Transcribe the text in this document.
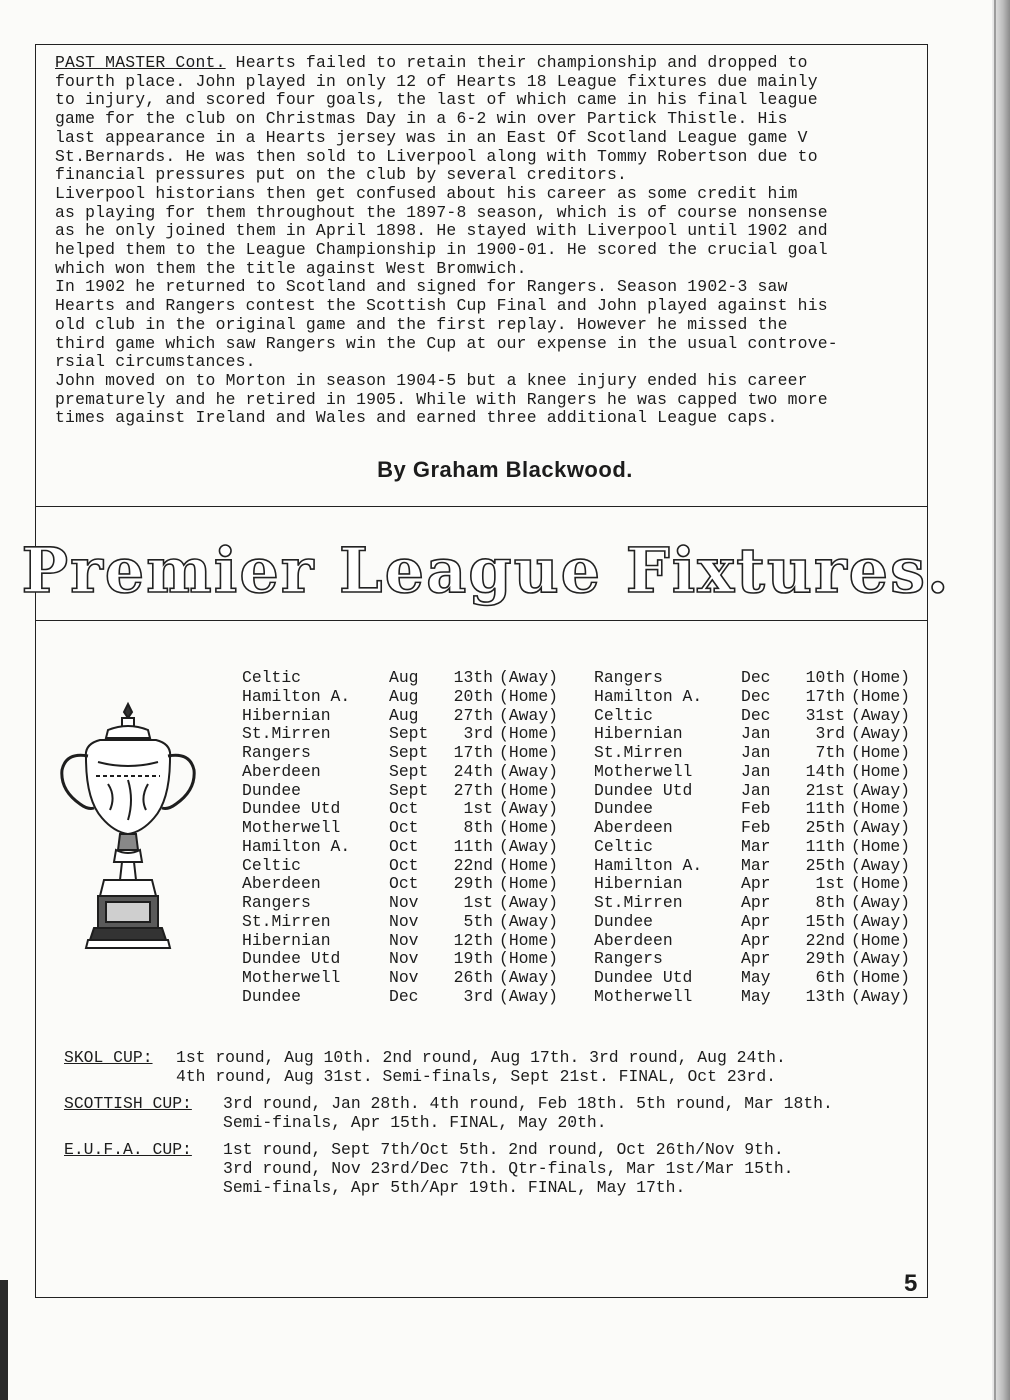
PAST MASTER Cont. Hearts failed to retain their championship and dropped to
fourth place. John played in only 12 of Hearts 18 League fixtures due mainly
to injury, and scored four goals, the last of which came in his final league
game for the club on Christmas Day in a 6-2 win over Partick Thistle. His
last appearance in a Hearts jersey was in an East Of Scotland League game V
St.Bernards. He was then sold to Liverpool along with Tommy Robertson due to
financial pressures put on the club by several creditors.

Liverpool historians then get confused about his career as some credit him
as playing for them throughout the 1897-8 season, which is of course nonsense
as he only joined them in April 1898. He stayed with Liverpool until 1902 and
helped them to the League Championship in 1900-01. He scored the crucial goal
which won them the title against West Bromwich.

In 1902 he returned to Scotland and signed for Rangers. Season 1902-3 saw
Hearts and Rangers contest the Scottish Cup Final and John played against his
old club in the original game and the first replay. However he missed the
third game which saw Rangers win the Cup at our expense in the usual controve-
rsial circumstances.

John moved on to Morton in season 1904-5 but a knee injury ended his career
prematurely and he retired in 1905. While with Rangers he was capped two more
times against Ireland and Wales and earned three additional League caps.

By Graham Blackwood.
Premier League Fixtures.
Celtic	Aug	13th (Away)
Hamilton A.	Aug	20th (Home)
Hibernian	Aug	27th (Away)
St.Mirren	Sept	3rd (Home)
Rangers	Sept	17th (Home)
Aberdeen	Sept	24th (Away)
Dundee	Sept	27th (Home)
Dundee Utd	Oct	1st (Away)
Motherwell	Oct	8th (Home)
Hamilton A.	Oct	11th (Away)
Celtic	Oct	22nd (Home)
Aberdeen	Oct	29th (Home)
Rangers	Nov	1st (Away)
St.Mirren	Nov	5th (Away)
Hibernian	Nov	12th (Home)
Dundee Utd	Nov	19th (Home)
Motherwell	Nov	26th (Away)
Dundee	Dec	3rd (Away)
Rangers	Dec	10th (Home)
Hamilton A.	Dec	17th (Home)
Celtic	Dec	31st (Away)
Hibernian	Jan	3rd (Away)
St.Mirren	Jan	7th (Home)
Motherwell	Jan	14th (Home)
Dundee Utd	Jan	21st (Away)
Dundee	Feb	11th (Home)
Aberdeen	Feb	25th (Away)
Celtic	Mar	11th (Home)
Hamilton A.	Mar	25th (Away)
Hibernian	Apr	1st (Home)
St.Mirren	Apr	8th (Away)
Dundee	Apr	15th (Away)
Aberdeen	Apr	22nd (Home)
Rangers	Apr	29th (Away)
Dundee Utd	May	6th (Home)
Motherwell	May	13th (Away)
SKOL CUP:	1st round, Aug 10th. 2nd round, Aug 17th. 3rd round, Aug 24th.
4th round, Aug 31st. Semi-finals, Sept 21st. FINAL, Oct 23rd.
SCOTTISH CUP:	3rd round, Jan 28th. 4th round, Feb 18th. 5th round, Mar 18th.
Semi-finals, Apr 15th. FINAL, May 20th.
E.U.F.A. CUP:	1st round, Sept 7th/Oct 5th. 2nd round, Oct 26th/Nov 9th.
3rd round, Nov 23rd/Dec 7th. Qtr-finals, Mar 1st/Mar 15th.
Semi-finals, Apr 5th/Apr 19th. FINAL, May 17th.
5
